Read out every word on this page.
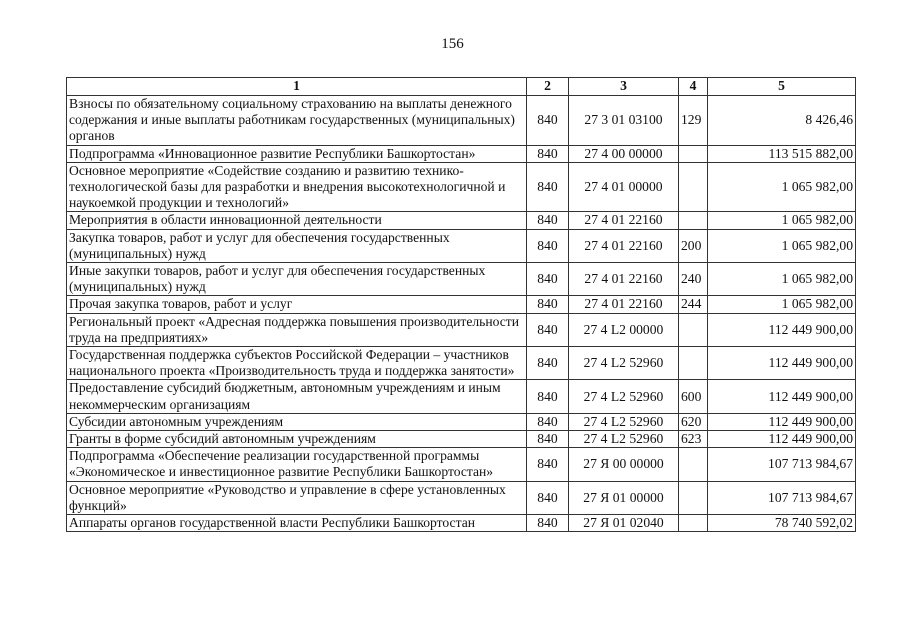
156
1	2	3	4	5
Взносы по обязательному социальному страхованию на выплаты денежного содержания и иные выплаты работникам государственных (муниципальных) органов	840	27 3 01 03100	129	8 426,46
Подпрограмма «Инновационное развитие Республики Башкортостан»	840	27 4 00 00000		113 515 882,00
Основное мероприятие «Содействие созданию и развитию технико-технологической базы для разработки и внедрения высокотехнологичной и наукоемкой продукции и технологий»	840	27 4 01 00000		1 065 982,00
Мероприятия в области инновационной деятельности	840	27 4 01 22160		1 065 982,00
Закупка товаров, работ и услуг для обеспечения государственных (муниципальных) нужд	840	27 4 01 22160	200	1 065 982,00
Иные закупки товаров, работ и услуг для обеспечения государственных (муниципальных) нужд	840	27 4 01 22160	240	1 065 982,00
Прочая закупка товаров, работ и услуг	840	27 4 01 22160	244	1 065 982,00
Региональный проект «Адресная поддержка повышения производительности труда на предприятиях»	840	27 4 L2 00000		112 449 900,00
Государственная поддержка субъектов Российской Федерации – участников национального проекта «Производительность труда и поддержка занятости»	840	27 4 L2 52960		112 449 900,00
Предоставление субсидий бюджетным, автономным учреждениям и иным некоммерческим организациям	840	27 4 L2 52960	600	112 449 900,00
Субсидии автономным учреждениям	840	27 4 L2 52960	620	112 449 900,00
Гранты в форме субсидий автономным учреждениям	840	27 4 L2 52960	623	112 449 900,00
Подпрограмма «Обеспечение реализации государственной программы «Экономическое и инвестиционное развитие Республики Башкортостан»	840	27 Я 00 00000		107 713 984,67
Основное мероприятие «Руководство и управление в сфере установленных функций»	840	27 Я 01 00000		107 713 984,67
Аппараты органов государственной власти Республики Башкортостан	840	27 Я 01 02040		78 740 592,02
